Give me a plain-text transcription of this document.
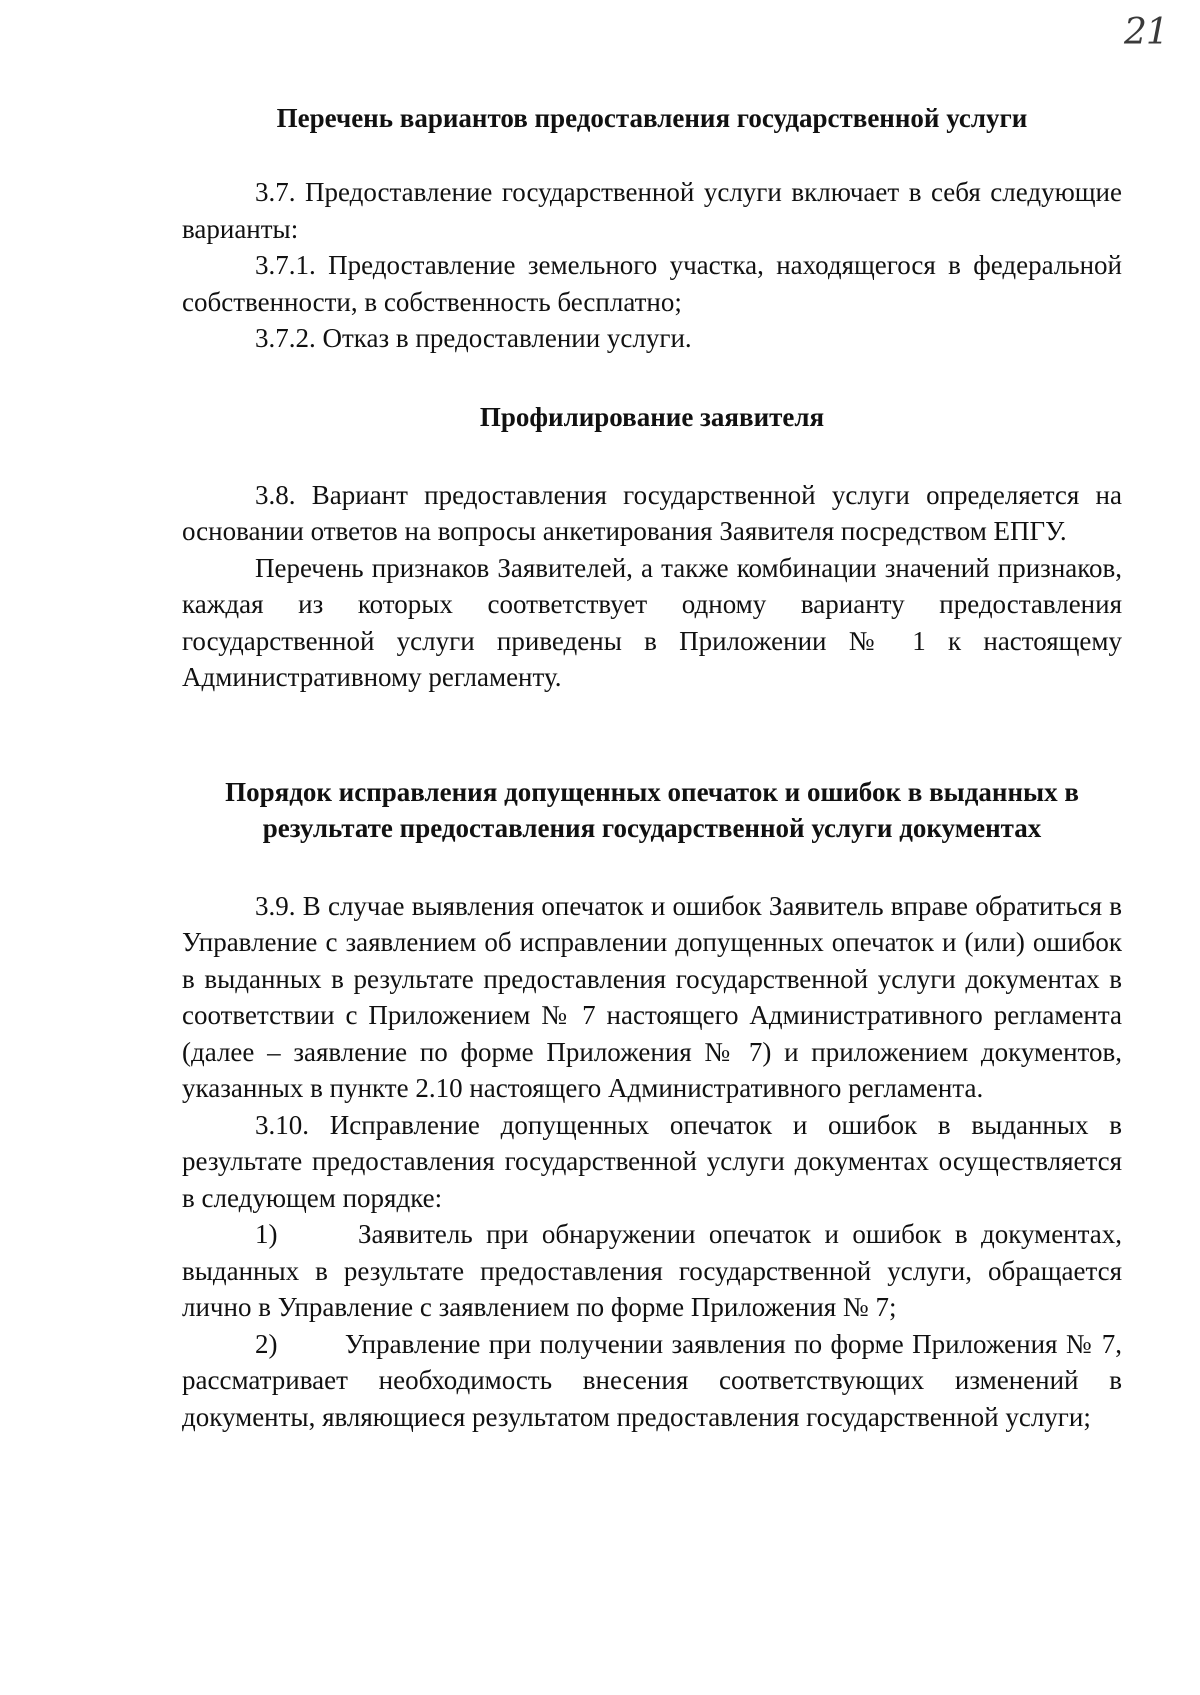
21
Перечень вариантов предоставления государственной услуги

3.7. Предоставление государственной услуги включает в себя следующие варианты:

3.7.1. Предоставление земельного участка, находящегося в федеральной собственности, в собственность бесплатно;

3.7.2. Отказ в предоставлении услуги.

Профилирование заявителя

3.8. Вариант предоставления государственной услуги определяется на основании ответов на вопросы анкетирования Заявителя посредством ЕПГУ.

Перечень признаков Заявителей, а также комбинации значений признаков, каждая из которых соответствует одному варианту предоставления государственной услуги приведены в Приложении № 1 к настоящему Административному регламенту.

Порядок исправления допущенных опечаток и ошибок в выданных в
результате предоставления государственной услуги документах

3.9. В случае выявления опечаток и ошибок Заявитель вправе обратиться в Управление с заявлением об исправлении допущенных опечаток и (или) ошибок в выданных в результате предоставления государственной услуги документах в соответствии с Приложением № 7 настоящего Административного регламента (далее – заявление по форме Приложения № 7) и приложением документов, указанных в пункте 2.10 настоящего Административного регламента.

3.10. Исправление допущенных опечаток и ошибок в выданных в результате предоставления государственной услуги документах осуществляется в следующем порядке:

1)	Заявитель при обнаружении опечаток и ошибок в документах, выданных в результате предоставления государственной услуги, обращается лично в Управление с заявлением по форме Приложения № 7;

2) Управление при получении заявления по форме Приложения № 7, рассматривает необходимость внесения соответствующих изменений в документы, являющиеся результатом предоставления государственной услуги;
